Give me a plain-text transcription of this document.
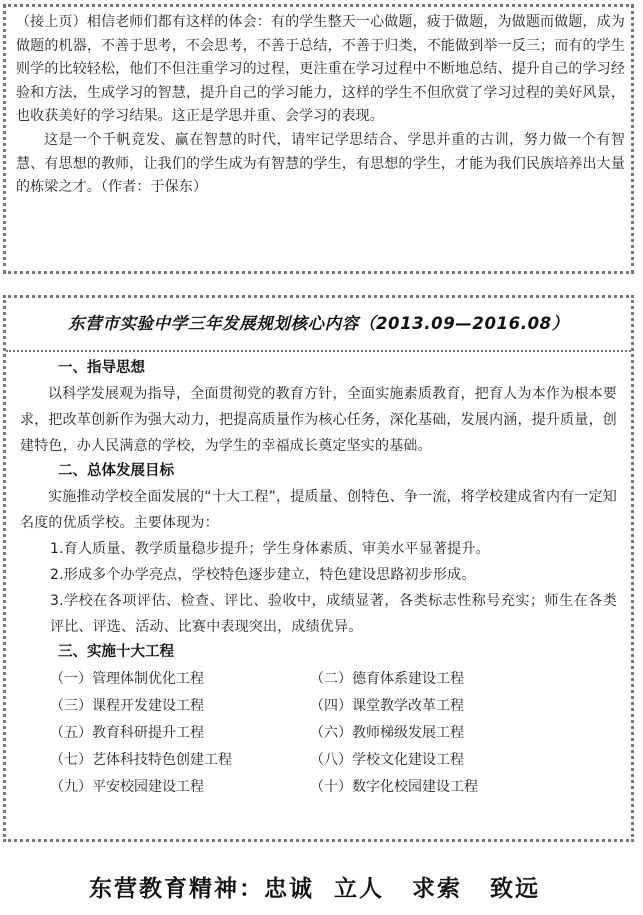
（接上页）相信老师们都有这样的体会：有的学生整天一心做题，疲于做题，为做题而做题，成为做题的机器，不善于思考，不会思考，不善于总结，不善于归类，不能做到举一反三；而有的学生则学的比较轻松，他们不但注重学习的过程，更注重在学习过程中不断地总结、提升自己的学习经验和方法，生成学习的智慧，提升自己的学习能力，这样的学生不但欣赏了学习过程的美好风景，也收获美好的学习结果。这正是学思并重、会学习的表现。

这是一个千帆竞发、赢在智慧的时代，请牢记学思结合、学思并重的古训，努力做一个有智慧、有思想的教师，让我们的学生成为有智慧的学生，有思想的学生，才能为我们民族培养出大量的栋梁之才。（作者：于保东）

东营市实验中学三年发展规划核心内容（2013.09—2016.08）
一、指导思想

以科学发展观为指导，全面贯彻党的教育方针，全面实施素质教育，把育人为本作为根本要求，把改革创新作为强大动力，把提高质量作为核心任务，深化基础，发展内涵，提升质量，创建特色，办人民满意的学校，为学生的幸福成长奠定坚实的基础。

二、总体发展目标

实施推动学校全面发展的“十大工程”，提质量、创特色、争一流，将学校建成省内有一定知名度的优质学校。主要体现为：

1.育人质量、教学质量稳步提升；学生身体素质、审美水平显著提升。

2.形成多个办学亮点，学校特色逐步建立，特色建设思路初步形成。

3.学校在各项评估、检查、评比、验收中，成绩显著，各类标志性称号充实；师生在各类评比、评选、活动、比赛中表现突出，成绩优异。

三、实施十大工程
（一）管理体制优化工程	（二）德育体系建设工程
（三）课程开发建设工程	（四）课堂教学改革工程
（五）教育科研提升工程	（六）教师梯级发展工程
（七）艺体科技特色创建工程	（八）学校文化建设工程
（九）平安校园建设工程	（十）数字化校园建设工程
东营教育精神：忠诚 立人 求索 致远
